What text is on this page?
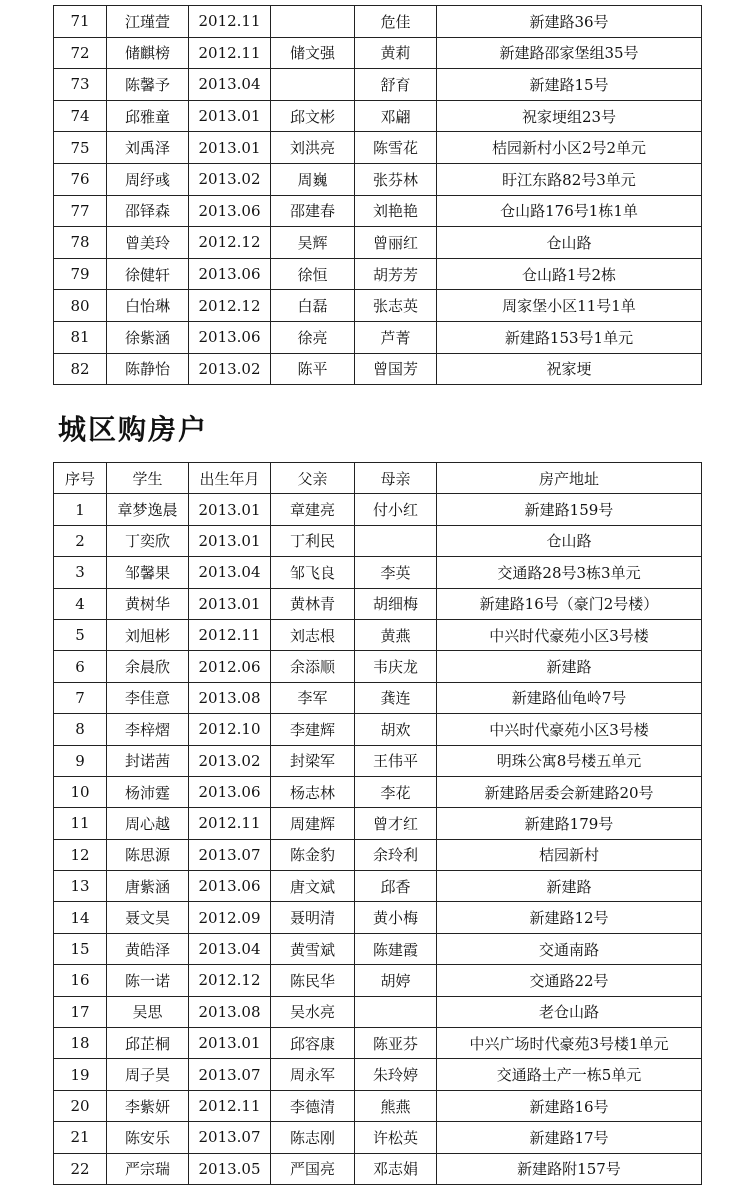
71	江瑾萱	2012.11		危佳	新建路36号
72	储麒榜	2012.11	储文强	黄莉	新建路邵家堡组35号
73	陈馨予	2013.04		舒育	新建路15号
74	邱雅童	2013.01	邱文彬	邓翩	祝家埂组23号
75	刘禹泽	2013.01	刘洪亮	陈雪花	桔园新村小区2号2单元
76	周纾彧	2013.02	周巍	张芬林	盱江东路82号3单元
77	邵铎森	2013.06	邵建春	刘艳艳	仓山路176号1栋1单
78	曾美玲	2012.12	吴辉	曾丽红	仓山路
79	徐健轩	2013.06	徐恒	胡芳芳	仓山路1号2栋
80	白怡琳	2012.12	白磊	张志英	周家堡小区11号1单
81	徐紫涵	2013.06	徐亮	芦菁	新建路153号1单元
82	陈静怡	2013.02	陈平	曾国芳	祝家埂
城区购房户
序号	学生	出生年月	父亲	母亲	房产地址
1	章梦逸晨	2013.01	章建亮	付小红	新建路159号
2	丁奕欣	2013.01	丁利民		仓山路
3	邹馨果	2013.04	邹飞良	李英	交通路28号3栋3单元
4	黄树华	2013.01	黄林青	胡细梅	新建路16号（豪门2号楼）
5	刘旭彬	2012.11	刘志根	黄燕	中兴时代豪苑小区3号楼
6	余晨欣	2012.06	余添顺	韦庆龙	新建路
7	李佳意	2013.08	李军	龚连	新建路仙龟岭7号
8	李梓熠	2012.10	李建辉	胡欢	中兴时代豪苑小区3号楼
9	封诺茜	2013.02	封梁军	王伟平	明珠公寓8号楼五单元
10	杨沛霆	2013.06	杨志林	李花	新建路居委会新建路20号
11	周心越	2012.11	周建辉	曾才红	新建路179号
12	陈思源	2013.07	陈金豹	余玲利	桔园新村
13	唐紫涵	2013.06	唐文斌	邱香	新建路
14	聂文昊	2012.09	聂明清	黄小梅	新建路12号
15	黄皓泽	2013.04	黄雪斌	陈建霞	交通南路
16	陈一诺	2012.12	陈民华	胡婷	交通路22号
17	吴思	2013.08	吴水亮		老仓山路
18	邱芷桐	2013.01	邱容康	陈亚芬	中兴广场时代豪苑3号楼1单元
19	周子昊	2013.07	周永军	朱玲婷	交通路土产一栋5单元
20	李紫妍	2012.11	李德清	熊燕	新建路16号
21	陈安乐	2013.07	陈志刚	许松英	新建路17号
22	严宗瑞	2013.05	严国亮	邓志娟	新建路附157号
